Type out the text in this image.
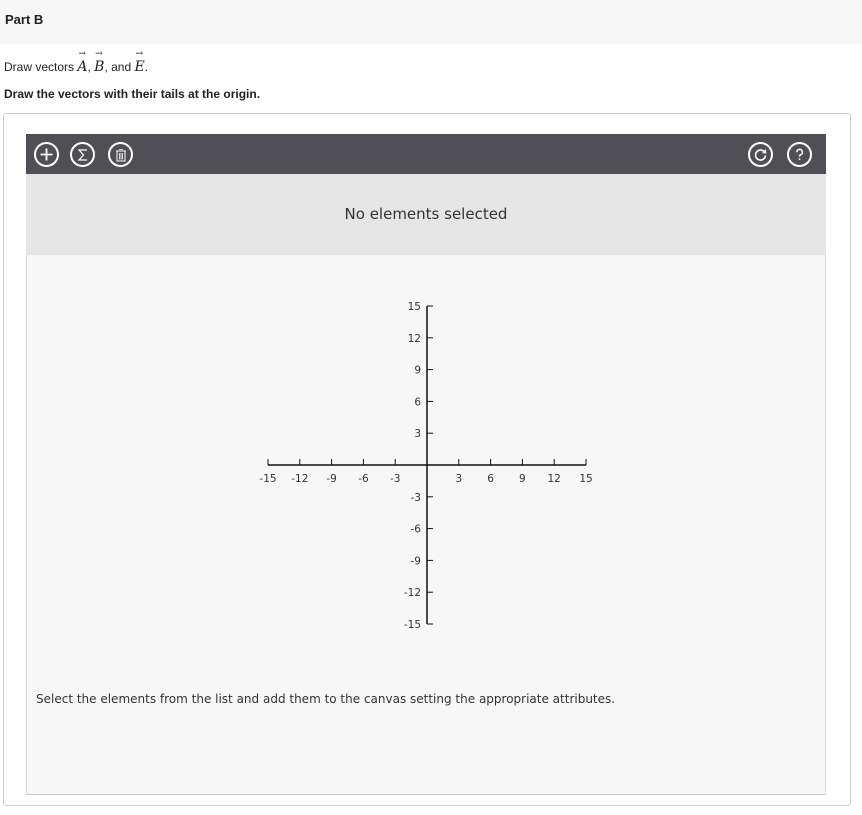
Part B
Draw vectors
→
A,
→
B, and
→
E.
Draw the vectors with their tails at the origin.
No elements selected
-15 -12 -9 -6 -3	3 6 9 12 15
15
12
9
6
3
-3
-6
-9
-12
-15
Select the elements from the list and add them to the canvas setting the appropriate attributes.
